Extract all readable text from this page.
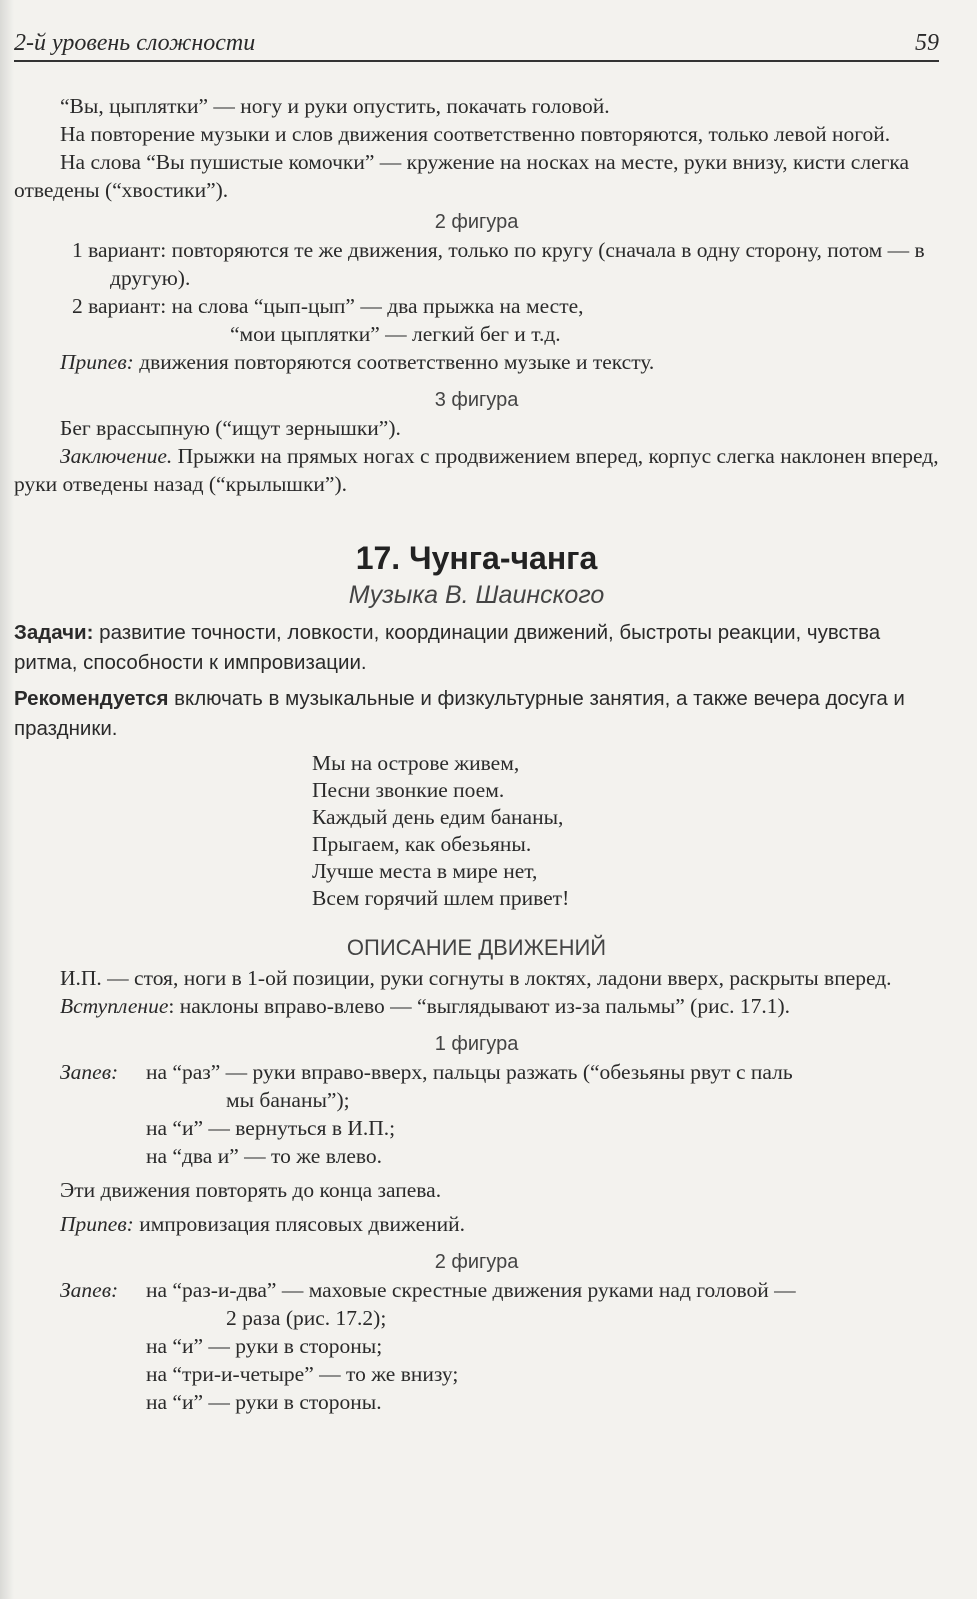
2-й уровень сложности	59

“Вы, цыплятки” — ногу и руки опустить, покачать головой.

На повторение музыки и слов движения соответственно повторяются, только левой ногой.

На слова “Вы пушистые комочки” — кружение на носках на месте, руки внизу, кисти слегка отведены (“хвостики”).

2 фигура

1 вариант: повторяются те же движения, только по кругу (сначала в одну сторону, потом — в другую).

2 вариант: на слова “цып-цып” — два прыжка на месте,

“мои цыплятки” — легкий бег и т.д.

Припев: движения повторяются соответственно музыке и тексту.

3 фигура

Бег врассыпную (“ищут зернышки”).

Заключение. Прыжки на прямых ногах с продвижением вперед, корпус слегка наклонен вперед, руки отведены назад (“крылышки”).

17. Чунга-чанга
Музыка В. Шаинского

Задачи: развитие точности, ловкости, координации движений, быстроты реакции, чувства ритма, способности к импровизации.

Рекомендуется включать в музыкальные и физкультурные занятия, а также вечера досуга и праздники.

Мы на острове живем,

Песни звонкие поем.

Каждый день едим бананы,

Прыгаем, как обезьяны.

Лучше места в мире нет,

Всем горячий шлем привет!

ОПИСАНИЕ ДВИЖЕНИЙ

И.П. — стоя, ноги в 1-ой позиции, руки согнуты в локтях, ладони вверх, раскрыты вперед.

Вступление: наклоны вправо-влево — “выглядывают из-за пальмы” (рис. 17.1).

1 фигура
Запев:	на “раз” — руки вправо-вверх, пальцы разжать (“обезьяны рвут с паль

мы бананы”);

на “и” — вернуться в И.П.;

на “два и” — то же влево.

Эти движения повторять до конца запева.

Припев: импровизация плясовых движений.

2 фигура
Запев:	на “раз-и-два” — маховые скрестные движения руками над головой —

2 раза (рис. 17.2);

на “и” — руки в стороны;

на “три-и-четыре” — то же внизу;

на “и” — руки в стороны.
